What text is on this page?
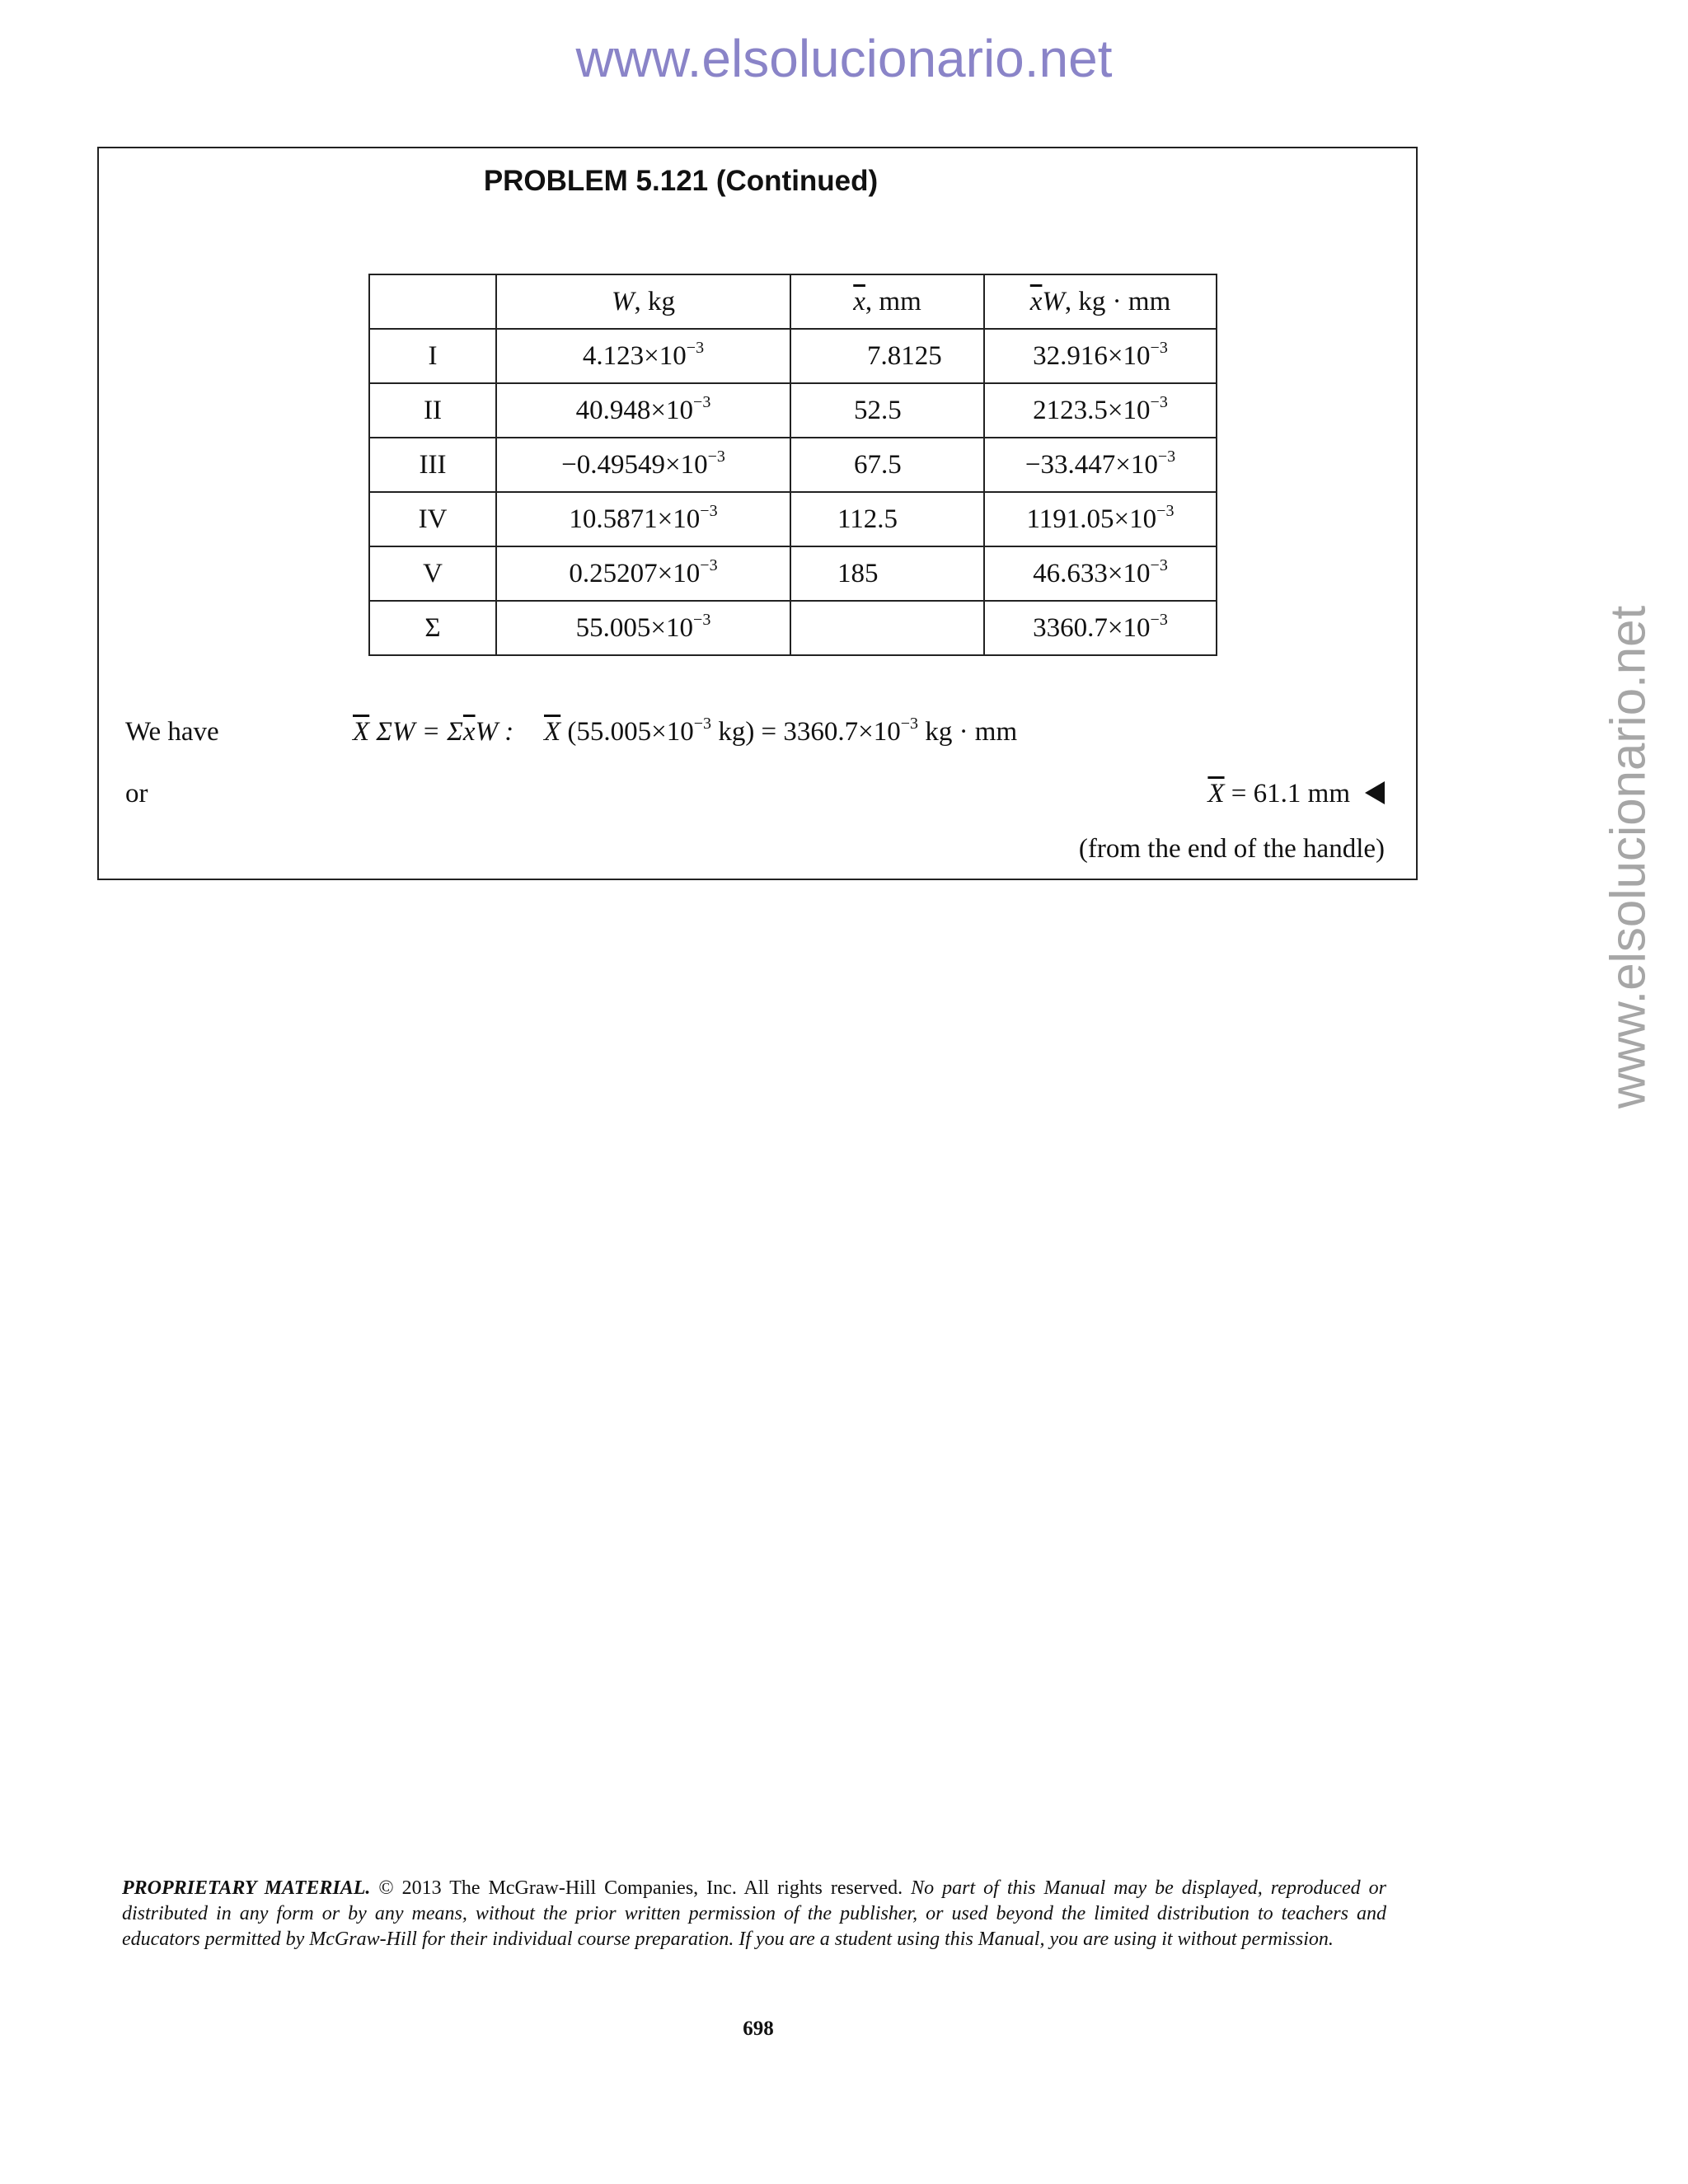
www.elsolucionario.net
www.elsolucionario.net
PROBLEM 5.121 (Continued)
	W, kg	$\overline{x}$, mm	$\overline{x}W$, kg · mm
I	$4.123\times 10^{-3}$	7.8125	$32.916\times 10^{-3}$
II	$40.948\times 10^{-3}$	52.5	$2123.5\times 10^{-3}$
III	$-0.49549\times 10^{-3}$	67.5	$-33.447\times 10^{-3}$
IV	$10.5871\times 10^{-3}$	112.5	$1191.05\times 10^{-3}$
V	$0.25207\times 10^{-3}$	185	$46.633\times 10^{-3}$
Σ	$55.005\times 10^{-3}$		$3360.7\times 10^{-3}$
We have	$\overline{X}$ $\Sigma W = \Sigma\overline{x}W$ : $\overline{X}$ ($55.005\times 10^{-3}$ $kg) = 3360.7\times 10^{-3}$ kg · mm
or	$\overline{X} = 61.1$ mm
(from the end of the handle)
PROPRIETARY MATERIAL. © 2013 The McGraw-Hill Companies, Inc. All rights reserved. No part of this Manual may be displayed, reproduced or distributed in any form or by any means, without the prior written permission of the publisher, or used beyond the limited distribution to teachers and educators permitted by McGraw-Hill for their individual course preparation. If you are a student using this Manual, you are using it without permission.
698
